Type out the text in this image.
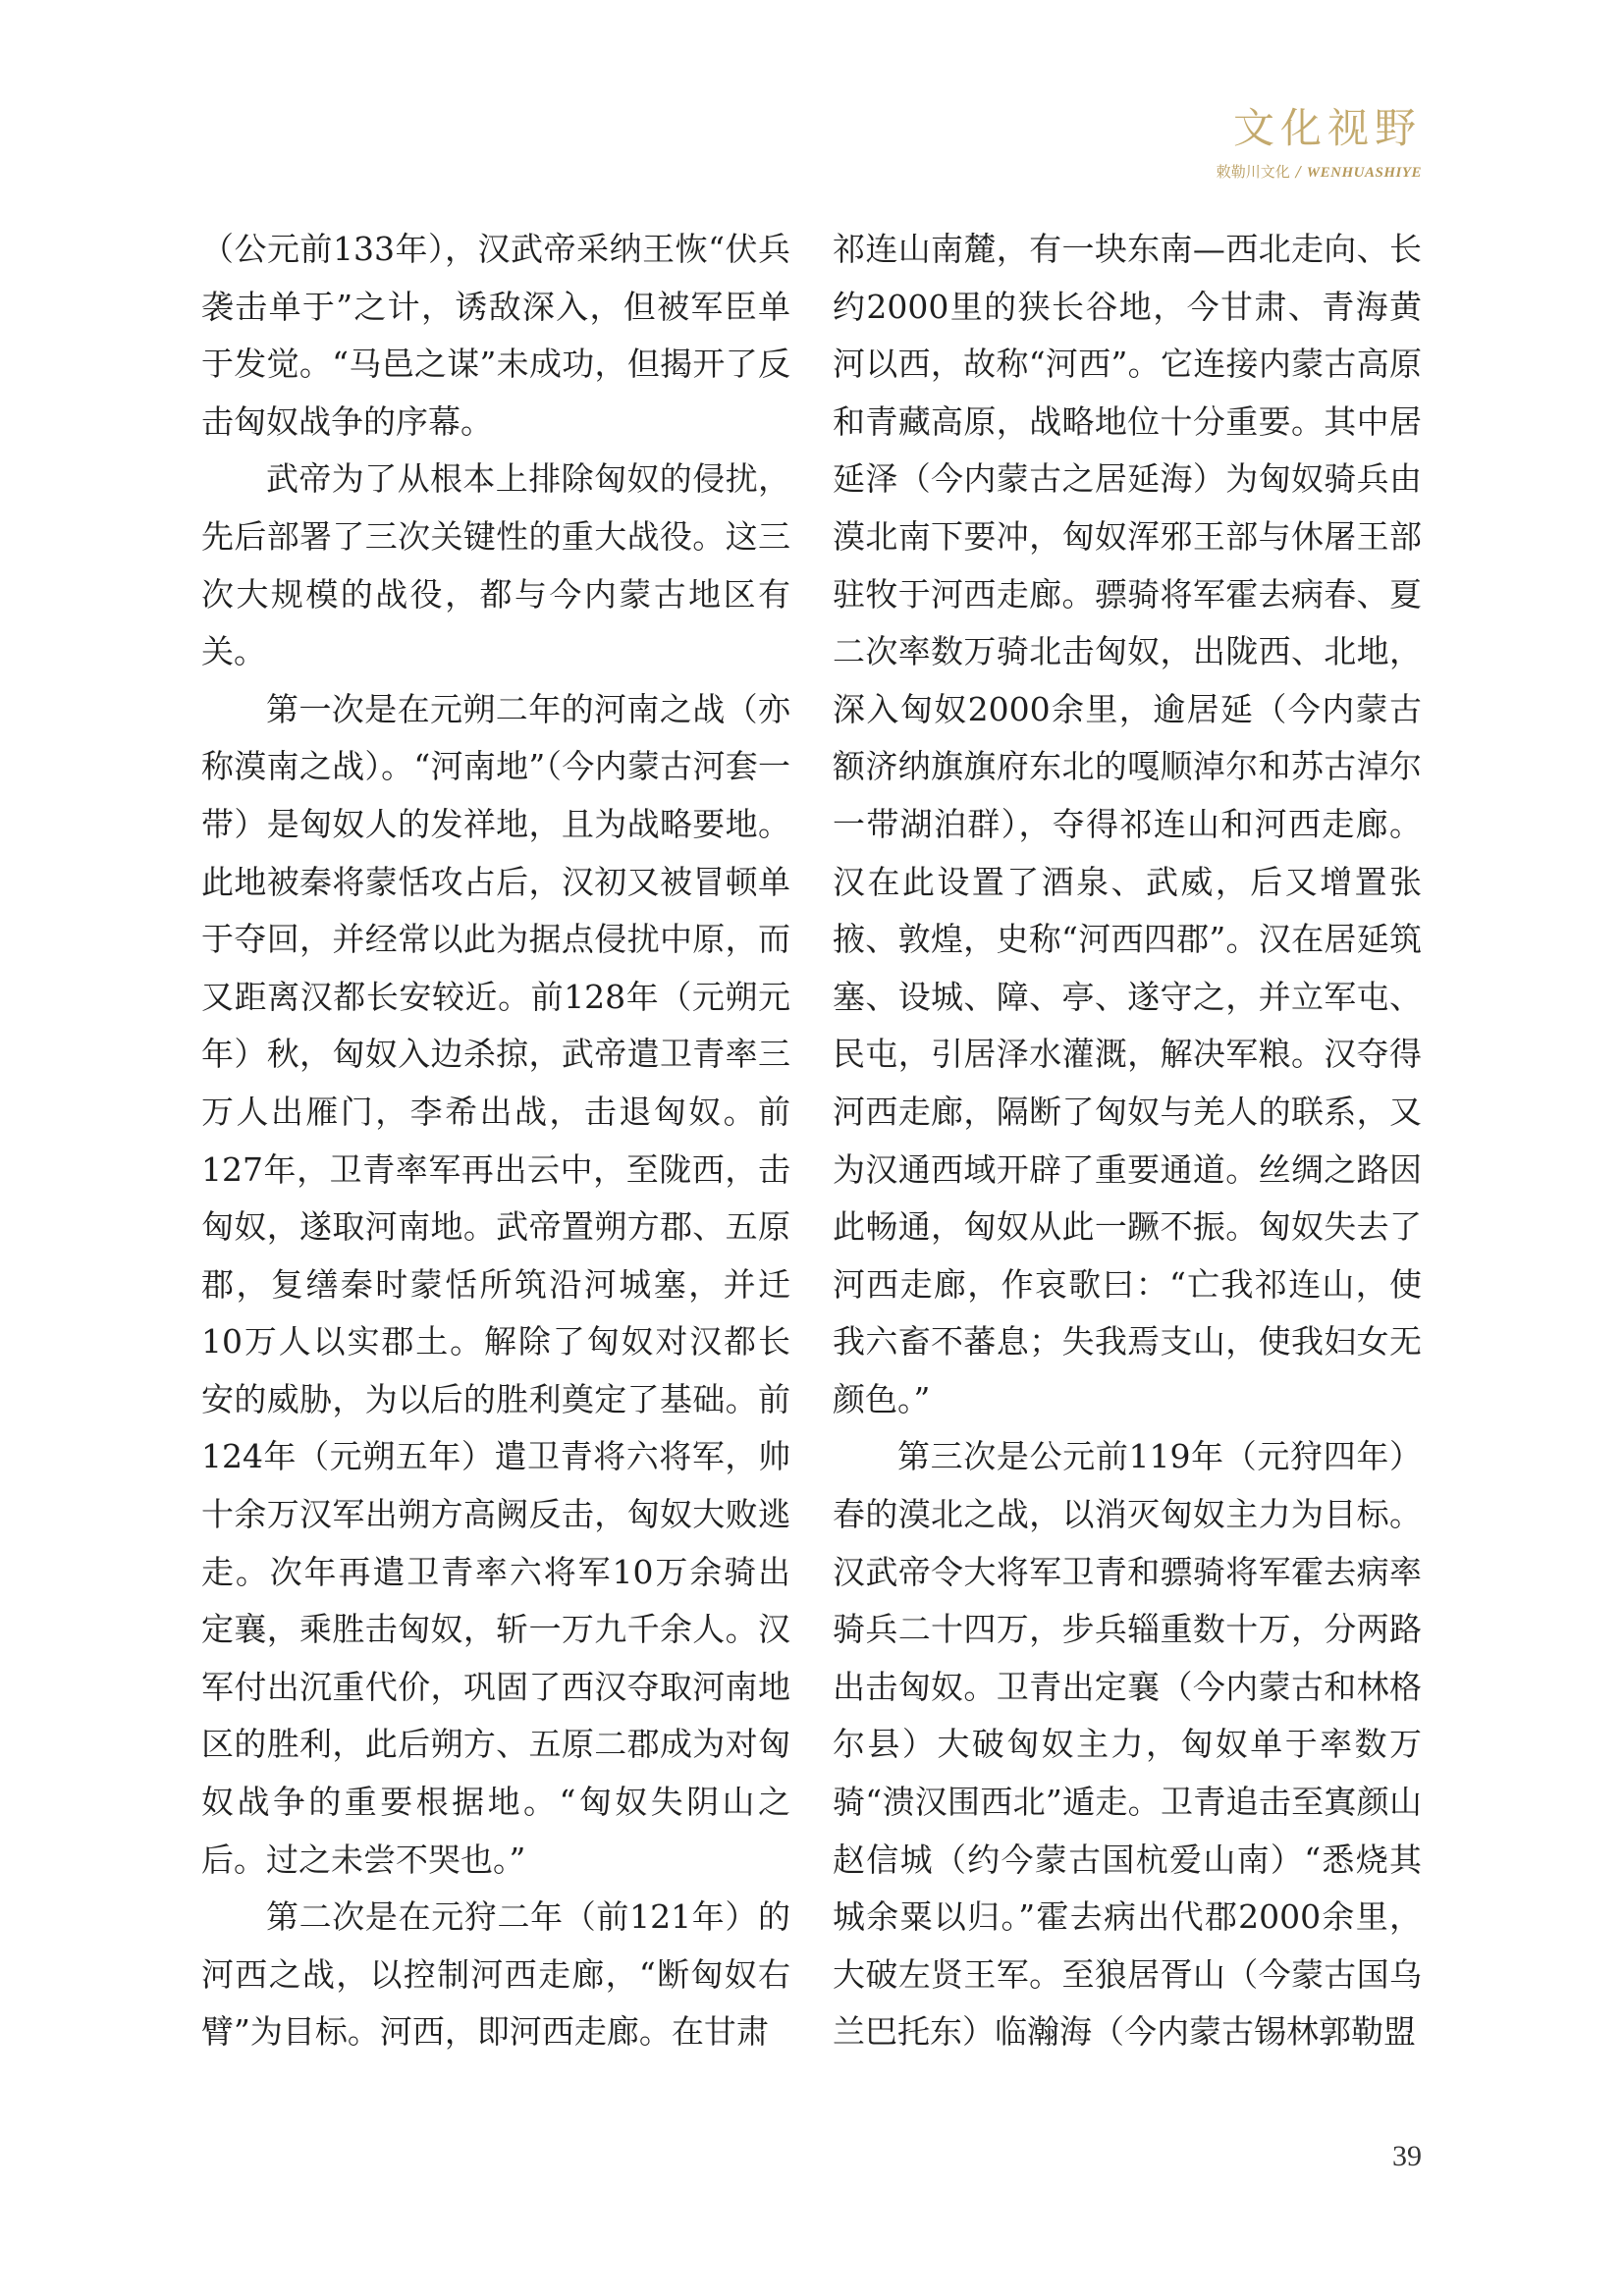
文化视野
敕勒川文化 / WENHUASHIYE

（公元前133年），汉武帝采纳王恢“伏兵袭击单于”之计，诱敌深入，但被军臣单于发觉。“马邑之谋”未成功，但揭开了反击匈奴战争的序幕。

武帝为了从根本上排除匈奴的侵扰，先后部署了三次关键性的重大战役。这三次大规模的战役，都与今内蒙古地区有关。

第一次是在元朔二年的河南之战（亦称漠南之战）。“河南地”（今内蒙古河套一带）是匈奴人的发祥地，且为战略要地。此地被秦将蒙恬攻占后，汉初又被冒顿单于夺回，并经常以此为据点侵扰中原，而又距离汉都长安较近。前128年（元朔元年）秋，匈奴入边杀掠，武帝遣卫青率三万人出雁门，李希出战，击退匈奴。前127年，卫青率军再出云中，至陇西，击匈奴，遂取河南地。武帝置朔方郡、五原郡，复缮秦时蒙恬所筑沿河城塞，并迁10万人以实郡土。解除了匈奴对汉都长安的威胁，为以后的胜利奠定了基础。前124年（元朔五年）遣卫青将六将军，帅十余万汉军出朔方高阙反击，匈奴大败逃走。次年再遣卫青率六将军10万余骑出定襄，乘胜击匈奴，斩一万九千余人。汉军付出沉重代价，巩固了西汉夺取河南地区的胜利，此后朔方、五原二郡成为对匈奴战争的重要根据地。“匈奴失阴山之后。过之未尝不哭也。”

第二次是在元狩二年（前121年）的河西之战，以控制河西走廊，“断匈奴右臂”为目标。河西，即河西走廊。在甘肃

祁连山南麓，有一块东南—西北走向、长约2000里的狭长谷地，今甘肃、青海黄河以西，故称“河西”。它连接内蒙古高原和青藏高原，战略地位十分重要。其中居延泽（今内蒙古之居延海）为匈奴骑兵由漠北南下要冲，匈奴浑邪王部与休屠王部驻牧于河西走廊。骠骑将军霍去病春、夏二次率数万骑北击匈奴，出陇西、北地，深入匈奴2000余里，逾居延（今内蒙古额济纳旗旗府东北的嘎顺淖尔和苏古淖尔一带湖泊群），夺得祁连山和河西走廊。汉在此设置了酒泉、武威，后又增置张掖、敦煌，史称“河西四郡”。汉在居延筑塞、设城、障、亭、遂守之，并立军屯、民屯，引居泽水灌溉，解决军粮。汉夺得河西走廊，隔断了匈奴与羌人的联系，又为汉通西域开辟了重要通道。丝绸之路因此畅通，匈奴从此一蹶不振。匈奴失去了河西走廊，作哀歌曰：“亡我祁连山，使我六畜不蕃息；失我焉支山，使我妇女无颜色。”

第三次是公元前119年（元狩四年）春的漠北之战，以消灭匈奴主力为目标。汉武帝令大将军卫青和骠骑将军霍去病率骑兵二十四万，步兵辎重数十万，分两路出击匈奴。卫青出定襄（今内蒙古和林格尔县）大破匈奴主力，匈奴单于率数万骑“溃汉围西北”遁走。卫青追击至寘颜山赵信城（约今蒙古国杭爱山南）“悉烧其城余粟以归。”霍去病出代郡2000余里，大破左贤王军。至狼居胥山（今蒙古国乌兰巴托东）临瀚海（今内蒙古锡林郭勒盟

39
